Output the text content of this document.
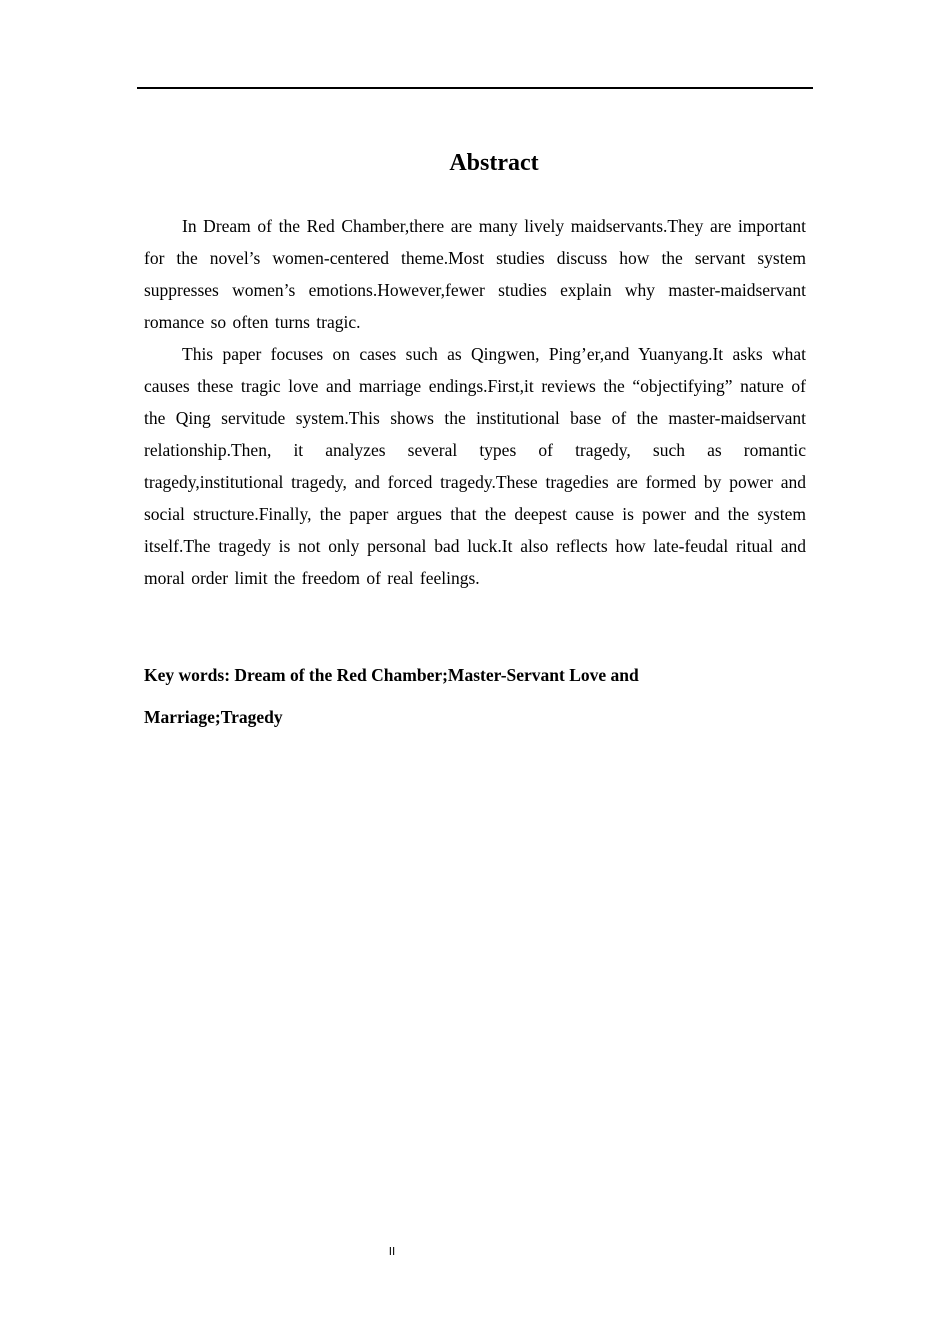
Abstract

In Dream of the Red Chamber,there are many lively maidservants.They are important for the novel’s women-centered theme.Most studies discuss how the servant system suppresses women’s emotions.However,fewer studies explain why master-maidservant romance so often turns tragic.

This paper focuses on cases such as Qingwen, Ping’er,and Yuanyang.It asks what causes these tragic love and marriage endings.First,it reviews the “objectifying” nature of the Qing servitude system.This shows the institutional base of the master-maidservant relationship.Then, it analyzes several types of tragedy, such as romantic tragedy,institutional tragedy, and forced tragedy.These tragedies are formed by power and social structure.Finally, the paper argues that the deepest cause is power and the system itself.The tragedy is not only personal bad luck.It also reflects how late-feudal ritual and moral order limit the freedom of real feelings.

Key words: Dream of the Red Chamber;Master-Servant Love and Marriage;Tragedy

II
